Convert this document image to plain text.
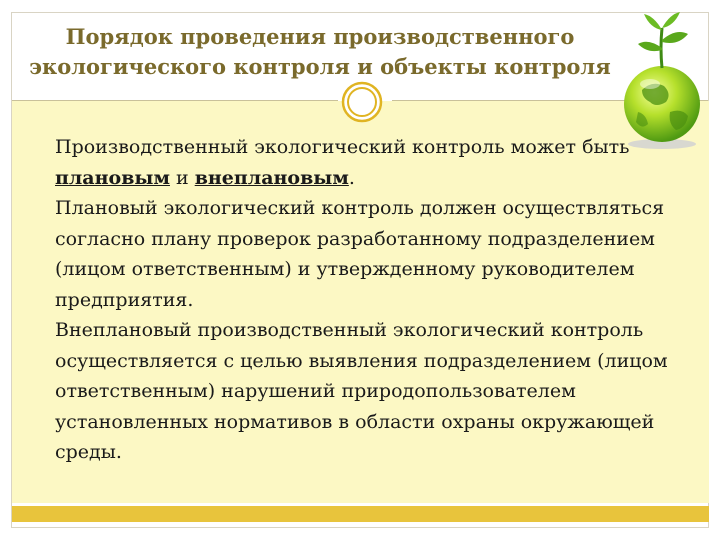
Порядок проведения производственного
экологического контроля и объекты контроля

Производственный экологический контроль может быть плановым и внеплановым.

Плановый экологический контроль должен осуществляться согласно плану проверок разработанному подразделением (лицом ответственным) и утвержденному руководителем предприятия.

Внеплановый производственный экологический контроль осуществляется с целью выявления подразделением (лицом ответственным) нарушений природопользователем установленных нормативов в области охраны окружающей среды.
